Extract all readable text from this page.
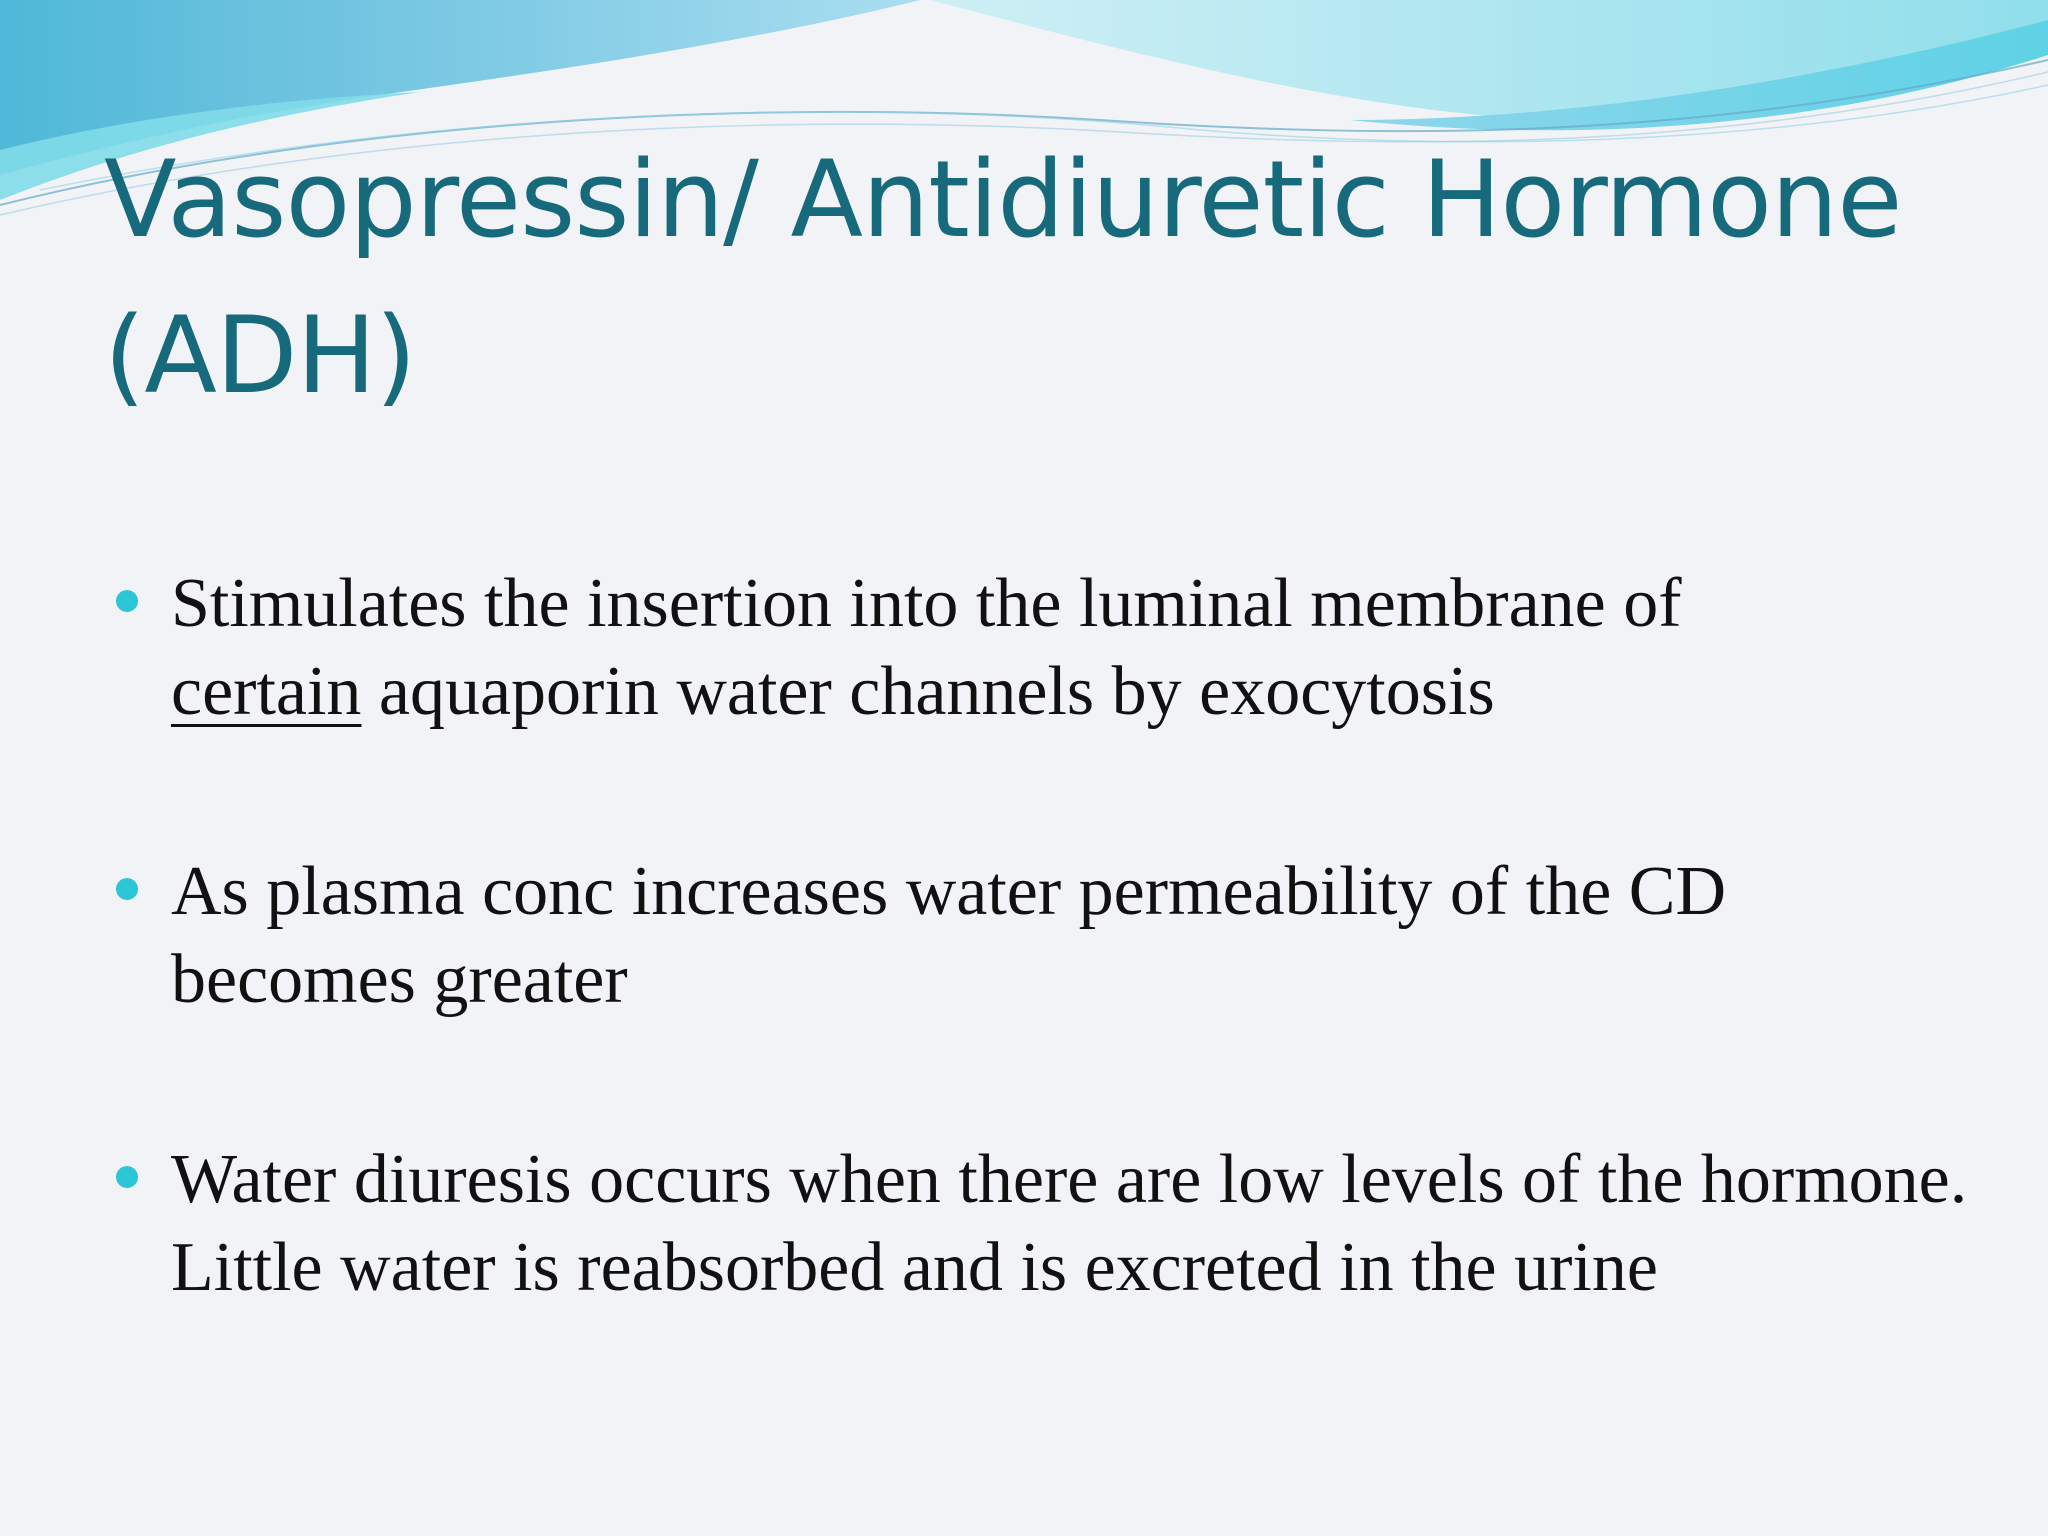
Vasopressin/ Antidiuretic Hormone
(ADH)
Stimulates the insertion into the luminal membrane of
certain aquaporin water channels by exocytosis
As plasma conc increases water permeability of the CD becomes greater
Water diuresis occurs when there are low levels of the hormone. Little water is reabsorbed and is excreted in the urine
